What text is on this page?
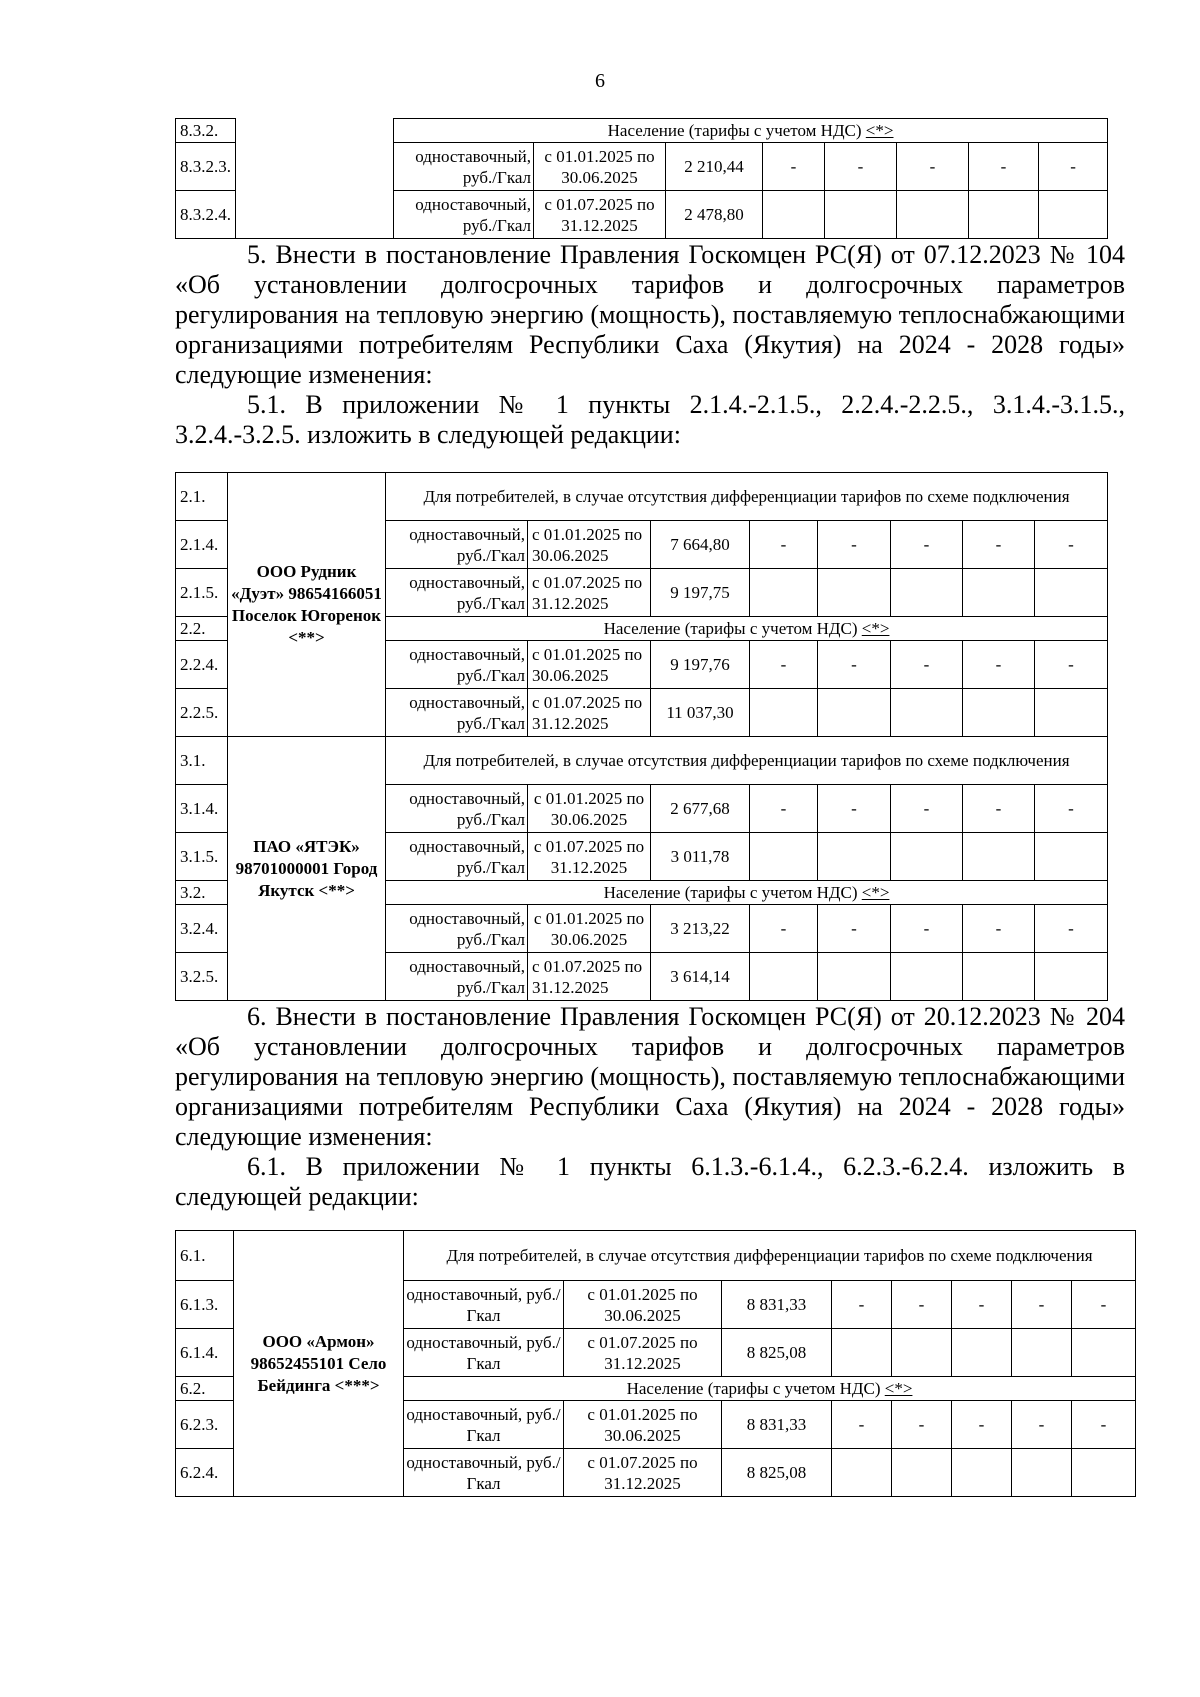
6
8.3.2.		Население (тарифы с учетом НДС) <*>							
8.3.2.3.		одноставочный, руб./Гкал	с 01.01.2025 по 30.06.2025	2 210,44	-	-	-	-	-
8.3.2.4.		одноставочный, руб./Гкал	с 01.07.2025 по 31.12.2025	2 478,80					

5. Внести в постановление Правления Госкомцен РС(Я) от 07.12.2023 № 104 «Об установлении долгосрочных тарифов и долгосрочных параметров регулирования на тепловую энергию (мощность), поставляемую теплоснабжающими организациями потребителям Республики Саха (Якутия) на 2024 - 2028 годы» следующие изменения:

5.1. В приложении № 1 пункты 2.1.4.-2.1.5., 2.2.4.-2.2.5., 3.1.4.-3.1.5., 3.2.4.-3.2.5. изложить в следующей редакции:

2.1.	ООО Рудник «Дуэт» 98654166051 Поселок Югоренок <**>	Для потребителей, в случае отсутствия дифференциации тарифов по схеме подключения							
2.1.4.		одноставочный, руб./Гкал	с 01.01.2025 по 30.06.2025	7 664,80	-	-	-	-	-
2.1.5.		одноставочный, руб./Гкал	с 01.07.2025 по 31.12.2025	9 197,75					
2.2.		Население (тарифы с учетом НДС) <*>							
2.2.4.		одноставочный, руб./Гкал	с 01.01.2025 по 30.06.2025	9 197,76	-	-	-	-	-
2.2.5.		одноставочный, руб./Гкал	с 01.07.2025 по 31.12.2025	11 037,30					
3.1.	ПАО «ЯТЭК» 98701000001 Город Якутск <**>	Для потребителей, в случае отсутствия дифференциации тарифов по схеме подключения							
3.1.4.		одноставочный, руб./Гкал	с 01.01.2025 по 30.06.2025	2 677,68	-	-	-	-	-
3.1.5.		одноставочный, руб./Гкал	с 01.07.2025 по 31.12.2025	3 011,78					
3.2.		Население (тарифы с учетом НДС) <*>							
3.2.4.		одноставочный, руб./Гкал	с 01.01.2025 по 30.06.2025	3 213,22	-	-	-	-	-
3.2.5.		одноставочный, руб./Гкал	с 01.07.2025 по 31.12.2025	3 614,14					

6. Внести в постановление Правления Госкомцен РС(Я) от 20.12.2023 № 204 «Об установлении долгосрочных тарифов и долгосрочных параметров регулирования на тепловую энергию (мощность), поставляемую теплоснабжающими организациями потребителям Республики Саха (Якутия) на 2024 - 2028 годы» следующие изменения:

6.1. В приложении № 1 пункты 6.1.3.-6.1.4., 6.2.3.-6.2.4. изложить в следующей редакции:

6.1.	ООО «Армон» 98652455101 Село Бейдинга <***>	Для потребителей, в случае отсутствия дифференциации тарифов по схеме подключения							
6.1.3.		одноставочный, руб./Гкал	с 01.01.2025 по 30.06.2025	8 831,33	-	-	-	-	-
6.1.4.		одноставочный, руб./Гкал	с 01.07.2025 по 31.12.2025	8 825,08					
6.2.		Население (тарифы с учетом НДС) <*>							
6.2.3.		одноставочный, руб./Гкал	с 01.01.2025 по 30.06.2025	8 831,33	-	-	-	-	-
6.2.4.		одноставочный, руб./Гкал	с 01.07.2025 по 31.12.2025	8 825,08					
